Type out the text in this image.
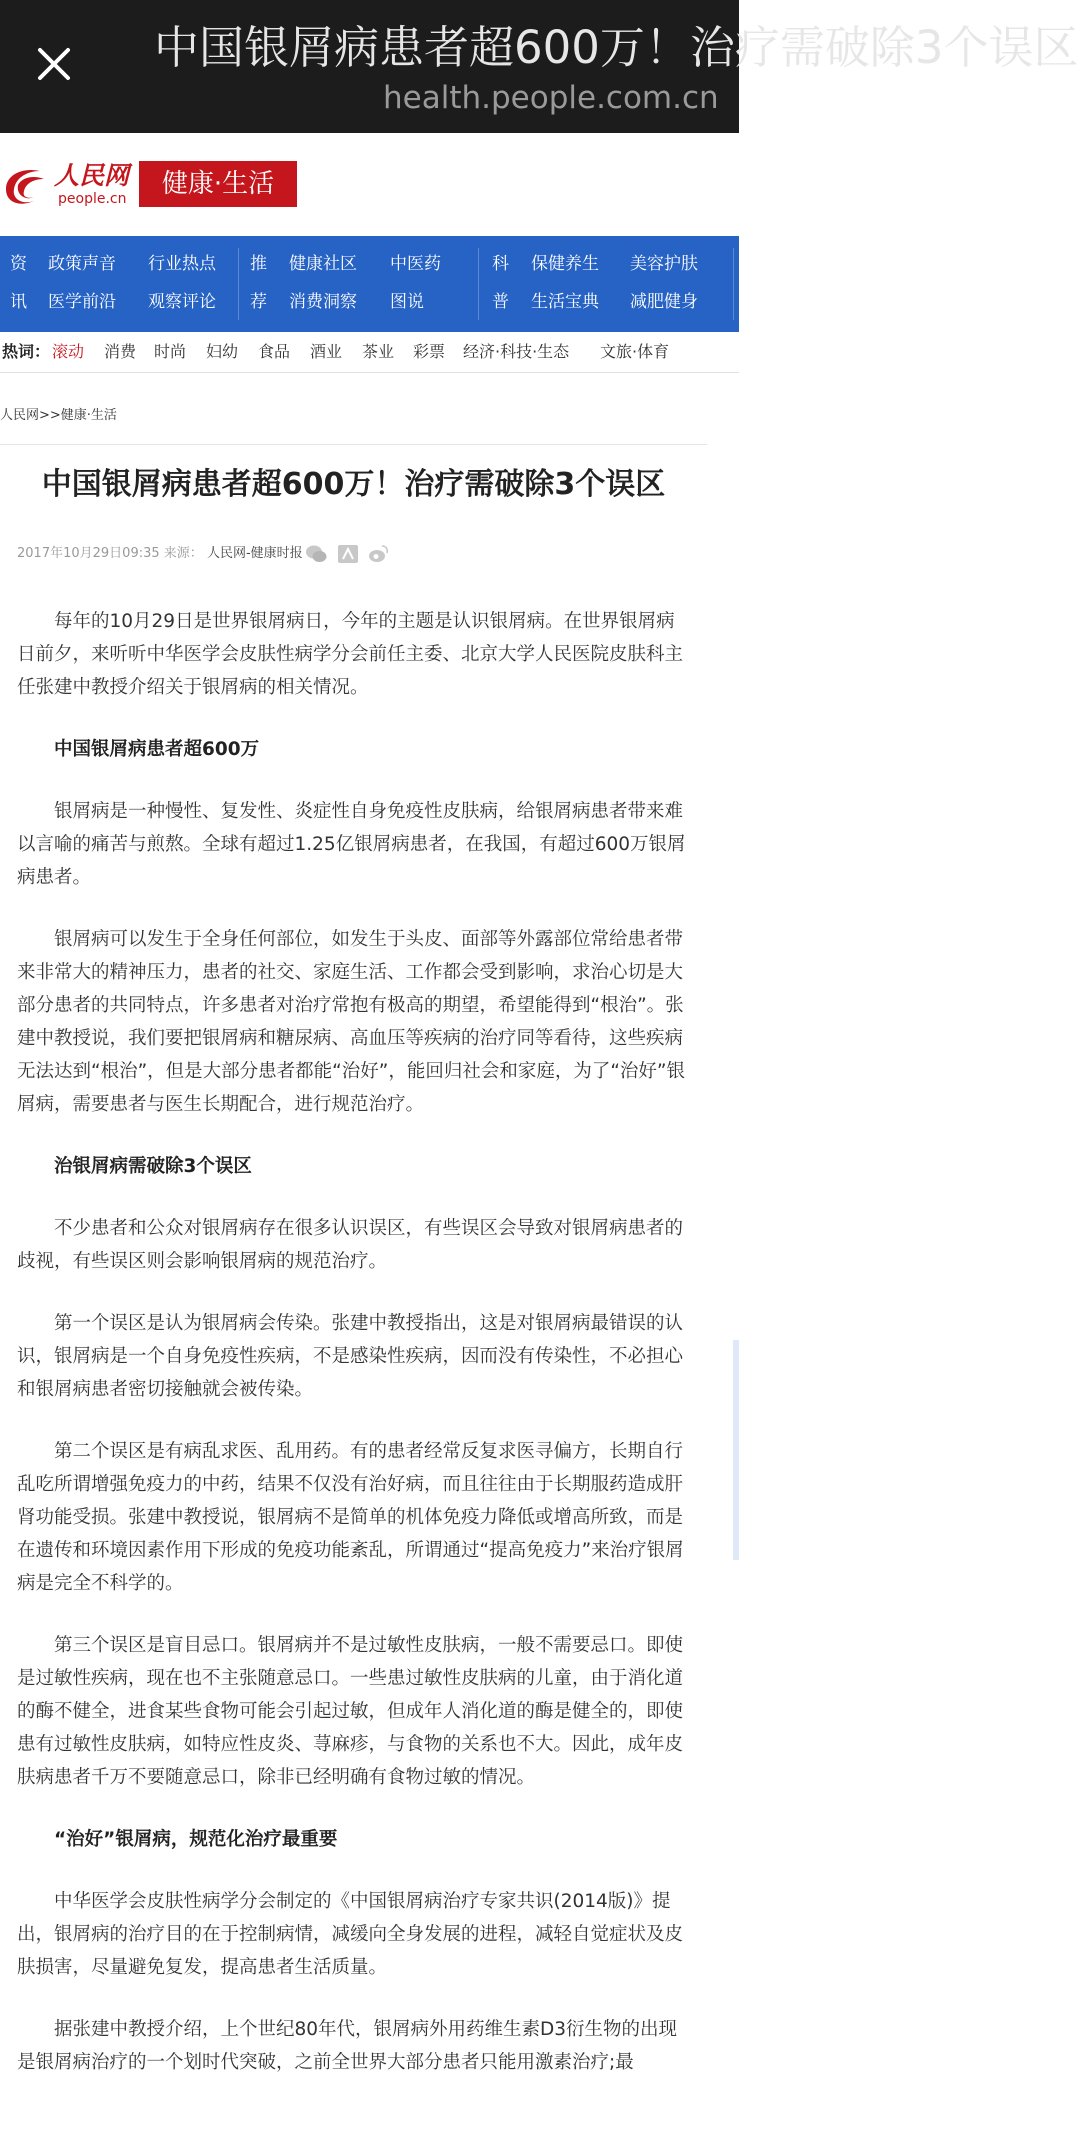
中国银屑病患者超600万！治疗需破除3个误区
health.people.com.cn
人民网
people.cn	健康·生活
资
讯
政策声音 行业热点
医学前沿 观察评论
推
荐
健康社区 中医药
消费洞察 图说
科
普
保健养生 美容护肤
生活宝典 减肥健身
热词： 滚动 消费 时尚 妇幼 食品 酒业 茶业 彩票 经济·科技·生态 文旅·体育
人民网>>健康·生活
中国银屑病患者超600万！治疗需破除3个误区
2017年10月29日09:35 来源： 人民网-健康时报

每年的10月29日是世界银屑病日，今年的主题是认识银屑病。在世界银屑病日前夕，来听听中华医学会皮肤性病学分会前任主委、北京大学人民医院皮肤科主任张建中教授介绍关于银屑病的相关情况。

中国银屑病患者超600万

银屑病是一种慢性、复发性、炎症性自身免疫性皮肤病，给银屑病患者带来难以言喻的痛苦与煎熬。全球有超过1.25亿银屑病患者，在我国，有超过600万银屑病患者。

银屑病可以发生于全身任何部位，如发生于头皮、面部等外露部位常给患者带来非常大的精神压力，患者的社交、家庭生活、工作都会受到影响，求治心切是大部分患者的共同特点，许多患者对治疗常抱有极高的期望，希望能得到“根治”。张建中教授说，我们要把银屑病和糖尿病、高血压等疾病的治疗同等看待，这些疾病无法达到“根治”，但是大部分患者都能“治好”，能回归社会和家庭，为了“治好”银屑病，需要患者与医生长期配合，进行规范治疗。

治银屑病需破除3个误区

不少患者和公众对银屑病存在很多认识误区，有些误区会导致对银屑病患者的歧视，有些误区则会影响银屑病的规范治疗。

第一个误区是认为银屑病会传染。张建中教授指出，这是对银屑病最错误的认识，银屑病是一个自身免疫性疾病，不是感染性疾病，因而没有传染性，不必担心和银屑病患者密切接触就会被传染。

第二个误区是有病乱求医、乱用药。有的患者经常反复求医寻偏方，长期自行乱吃所谓增强免疫力的中药，结果不仅没有治好病，而且往往由于长期服药造成肝肾功能受损。张建中教授说，银屑病不是简单的机体免疫力降低或增高所致，而是在遗传和环境因素作用下形成的免疫功能紊乱，所谓通过“提高免疫力”来治疗银屑病是完全不科学的。

第三个误区是盲目忌口。银屑病并不是过敏性皮肤病，一般不需要忌口。即使是过敏性疾病，现在也不主张随意忌口。一些患过敏性皮肤病的儿童，由于消化道的酶不健全，进食某些食物可能会引起过敏，但成年人消化道的酶是健全的，即使患有过敏性皮肤病，如特应性皮炎、荨麻疹，与食物的关系也不大。因此，成年皮肤病患者千万不要随意忌口，除非已经明确有食物过敏的情况。

“治好”银屑病，规范化治疗最重要

中华医学会皮肤性病学分会制定的《中国银屑病治疗专家共识(2014版)》提出，银屑病的治疗目的在于控制病情，减缓向全身发展的进程，减轻自觉症状及皮肤损害，尽量避免复发，提高患者生活质量。

据张建中教授介绍，上个世纪80年代，银屑病外用药维生素D3衍生物的出现是银屑病治疗的一个划时代突破，之前全世界大部分患者只能用激素治疗;最
